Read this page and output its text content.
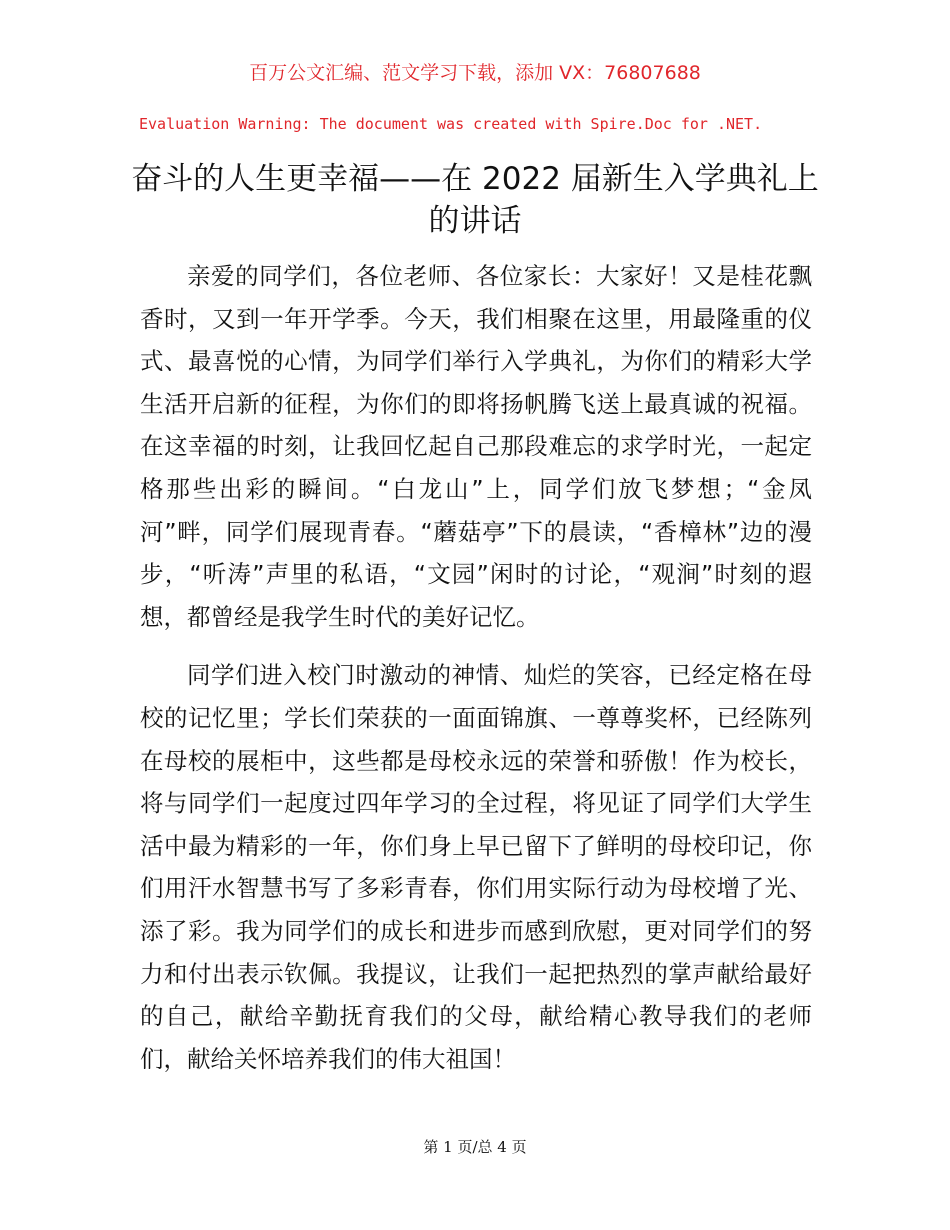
百万公文汇编、范文学习下载，添加 VX：76807688
Evaluation Warning: The document was created with Spire.Doc for .NET.
奋斗的人生更幸福——在 2022 届新生入学典礼上的讲话

亲爱的同学们，各位老师、各位家长：大家好！又是桂花飘香时，又到一年开学季。今天，我们相聚在这里，用最隆重的仪式、最喜悦的心情，为同学们举行入学典礼，为你们的精彩大学生活开启新的征程，为你们的即将扬帆腾飞送上最真诚的祝福。在这幸福的时刻，让我回忆起自己那段难忘的求学时光，一起定格那些出彩的瞬间。“白龙山”上，同学们放飞梦想；“金凤河”畔，同学们展现青春。“蘑菇亭”下的晨读，“香樟林”边的漫步，“听涛”声里的私语，“文园”闲时的讨论，“观涧”时刻的遐想，都曾经是我学生时代的美好记忆。

同学们进入校门时激动的神情、灿烂的笑容，已经定格在母校的记忆里；学长们荣获的一面面锦旗、一尊尊奖杯，已经陈列在母校的展柜中，这些都是母校永远的荣誉和骄傲！作为校长，将与同学们一起度过四年学习的全过程，将见证了同学们大学生活中最为精彩的一年，你们身上早已留下了鲜明的母校印记，你们用汗水智慧书写了多彩青春，你们用实际行动为母校增了光、添了彩。我为同学们的成长和进步而感到欣慰，更对同学们的努力和付出表示钦佩。我提议，让我们一起把热烈的掌声献给最好的自己，献给辛勤抚育我们的父母，献给精心教导我们的老师们，献给关怀培养我们的伟大祖国！

第 1 页/总 4 页
